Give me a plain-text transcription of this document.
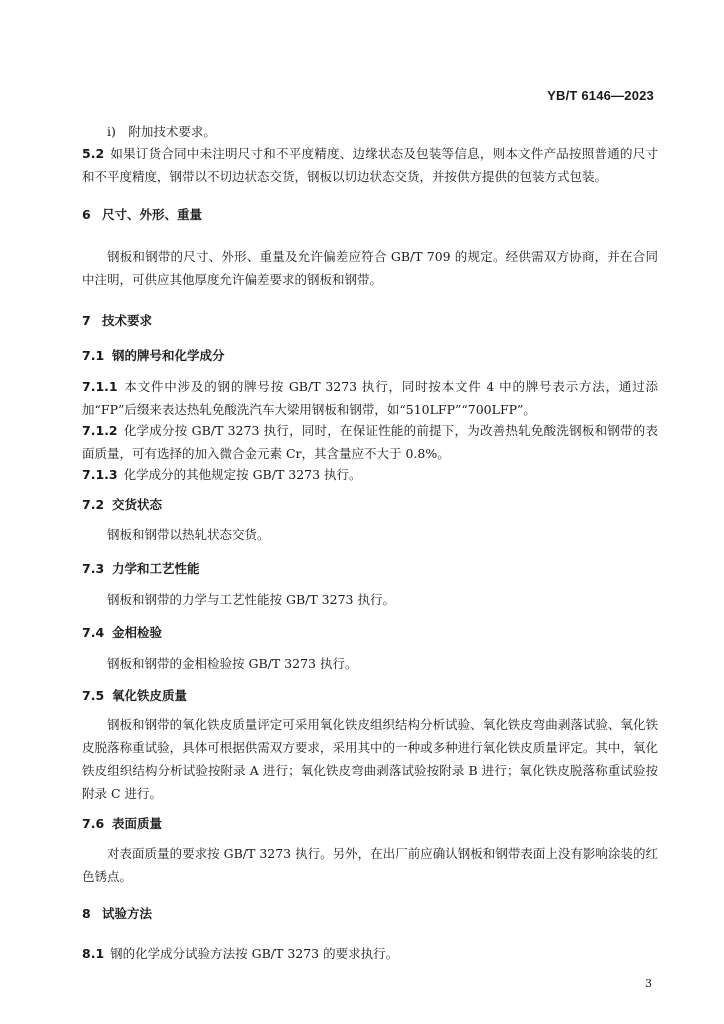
YB/T 6146—2023
i)　附加技术要求。
5.2 如果订货合同中未注明尺寸和不平度精度、边缘状态及包装等信息，则本文件产品按照普通的尺寸和不平度精度，钢带以不切边状态交货，钢板以切边状态交货，并按供方提供的包装方式包装。
6 尺寸、外形、重量
钢板和钢带的尺寸、外形、重量及允许偏差应符合 GB/T 709 的规定。经供需双方协商，并在合同中注明，可供应其他厚度允许偏差要求的钢板和钢带。
7 技术要求
7.1 钢的牌号和化学成分
7.1.1 本文件中涉及的钢的牌号按 GB/T 3273 执行，同时按本文件 4 中的牌号表示方法，通过添加“FP”后缀来表达热轧免酸洗汽车大梁用钢板和钢带，如“510LFP”“700LFP”。
7.1.2 化学成分按 GB/T 3273 执行，同时，在保证性能的前提下，为改善热轧免酸洗钢板和钢带的表面质量，可有选择的加入微合金元素 Cr，其含量应不大于 0.8%。
7.1.3 化学成分的其他规定按 GB/T 3273 执行。
7.2 交货状态
钢板和钢带以热轧状态交货。
7.3 力学和工艺性能
钢板和钢带的力学与工艺性能按 GB/T 3273 执行。
7.4 金相检验
钢板和钢带的金相检验按 GB/T 3273 执行。
7.5 氧化铁皮质量
钢板和钢带的氧化铁皮质量评定可采用氧化铁皮组织结构分析试验、氧化铁皮弯曲剥落试验、氧化铁皮脱落称重试验，具体可根据供需双方要求，采用其中的一种或多种进行氧化铁皮质量评定。其中，氧化铁皮组织结构分析试验按附录 A 进行；氧化铁皮弯曲剥落试验按附录 B 进行；氧化铁皮脱落称重试验按附录 C 进行。
7.6 表面质量
对表面质量的要求按 GB/T 3273 执行。另外，在出厂前应确认钢板和钢带表面上没有影响涂装的红色锈点。
8 试验方法
8.1 钢的化学成分试验方法按 GB/T 3273 的要求执行。
3
